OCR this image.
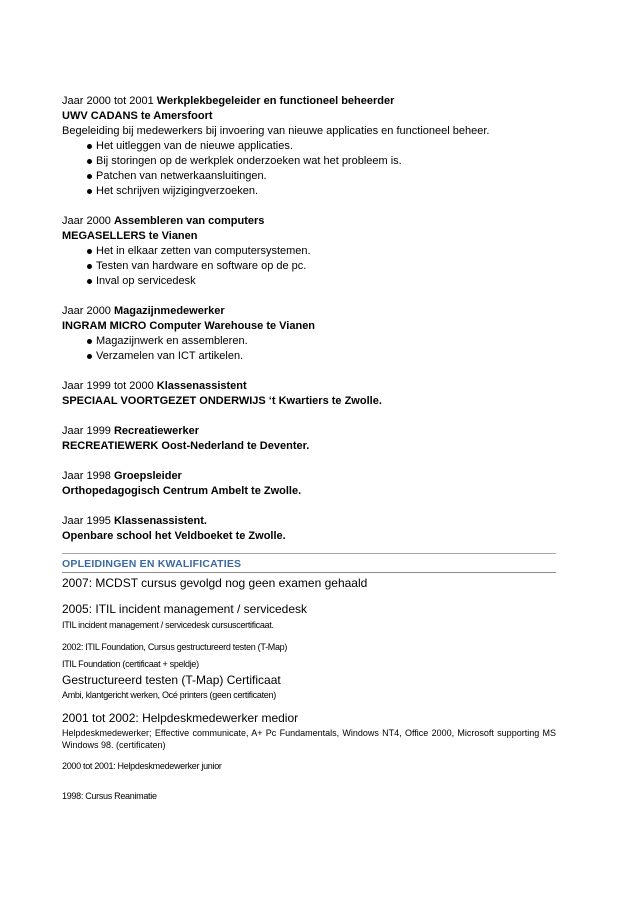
Jaar 2000 tot 2001 Werkplekbegeleider en functioneel beheerder
UWV CADANS te Amersfoort
Begeleiding bij medewerkers bij invoering van nieuwe applicaties en functioneel beheer.
Het uitleggen van de nieuwe applicaties.
Bij storingen op de werkplek onderzoeken wat het probleem is.
Patchen van netwerkaansluitingen.
Het schrijven wijzigingverzoeken.
Jaar 2000 Assembleren van computers
MEGASELLERS te Vianen
Het in elkaar zetten van computersystemen.
Testen van hardware en software op de pc.
Inval op servicedesk
Jaar 2000 Magazijnmedewerker
INGRAM MICRO Computer Warehouse te Vianen
Magazijnwerk en assembleren.
Verzamelen van ICT artikelen.
Jaar 1999 tot 2000 Klassenassistent
SPECIAAL VOORTGEZET ONDERWIJS ‘t Kwartiers te Zwolle.
Jaar 1999 Recreatiewerker
RECREATIEWERK Oost-Nederland te Deventer.
Jaar 1998 Groepsleider
Orthopedagogisch Centrum Ambelt te Zwolle.
Jaar 1995 Klassenassistent.
Openbare school het Veldboeket te Zwolle.
OPLEIDINGEN EN KWALIFICATIES
2007: MCDST cursus gevolgd nog geen examen gehaald
2005: ITIL incident management / servicedesk
ITIL incident management / servicedesk cursuscertificaat.
2002: ITIL Foundation, Cursus gestructureerd testen (T-Map)
ITIL Foundation (certificaat + speldje)
Gestructureerd testen (T-Map) Certificaat
Ambi, klantgericht werken, Océ printers (geen certificaten)
2001 tot 2002: Helpdeskmedewerker medior
Helpdeskmedewerker; Effective communicate, A+ Pc Fundamentals, Windows NT4, Office 2000, Microsoft supporting MS Windows 98. (certificaten)
2000 tot 2001: Helpdeskmedewerker junior
1998: Cursus Reanimatie
